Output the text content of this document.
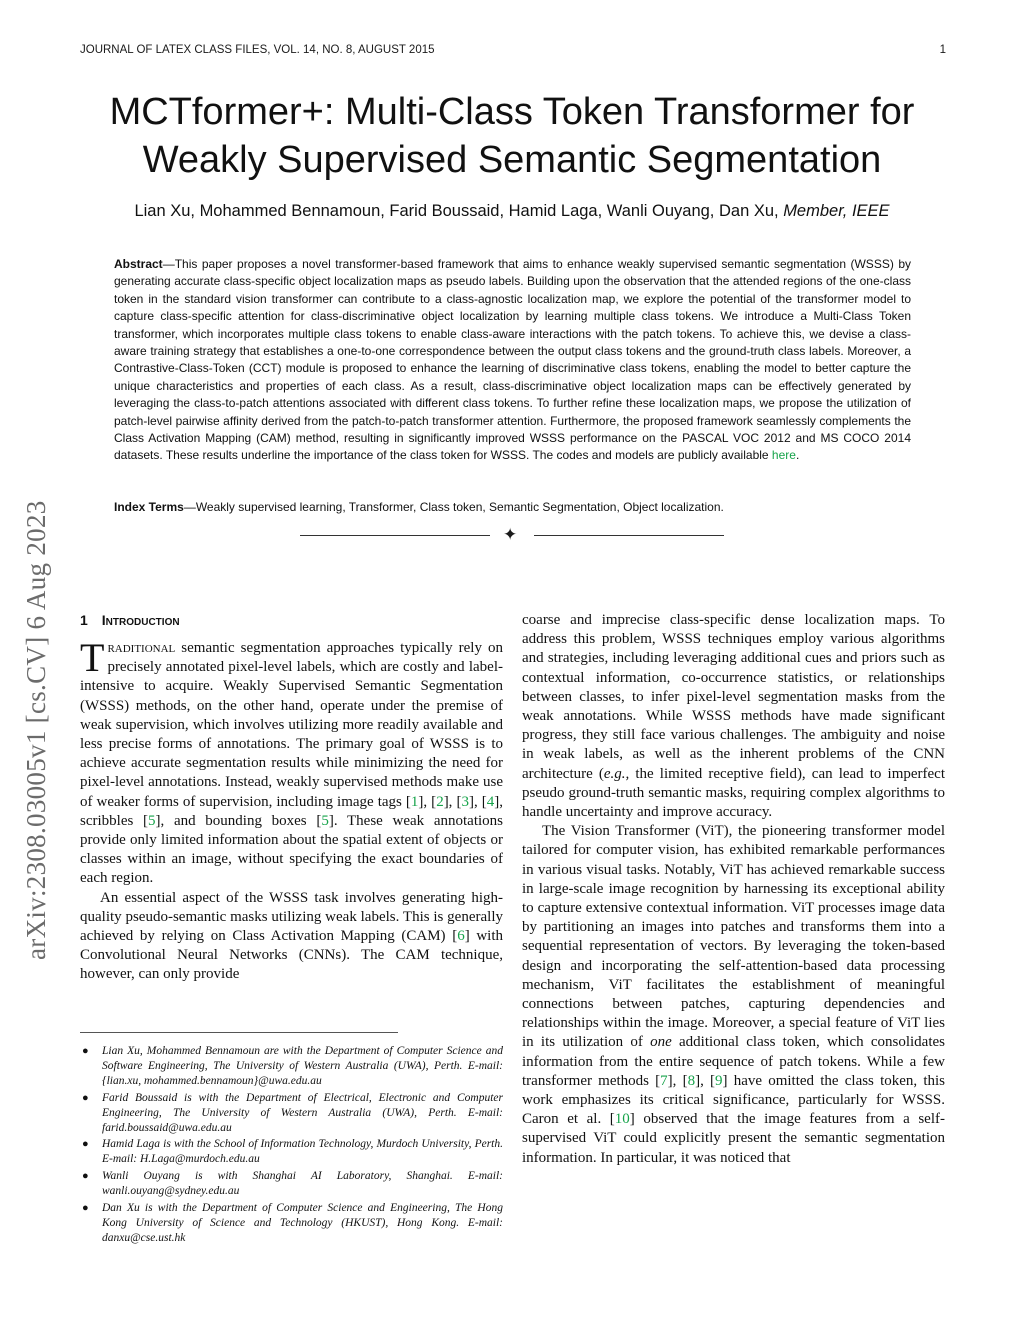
JOURNAL OF LATEX CLASS FILES, VOL. 14, NO. 8, AUGUST 2015	1
MCTformer+: Multi-Class Token Transformer for
Weakly Supervised Semantic Segmentation
Lian Xu, Mohammed Bennamoun, Farid Boussaid, Hamid Laga, Wanli Ouyang, Dan Xu, Member, IEEE
Abstract—This paper proposes a novel transformer-based framework that aims to enhance weakly supervised semantic segmentation (WSSS) by generating accurate class-specific object localization maps as pseudo labels. Building upon the observation that the attended regions of the one-class token in the standard vision transformer can contribute to a class-agnostic localization map, we explore the potential of the transformer model to capture class-specific attention for class-discriminative object localization by learning multiple class tokens. We introduce a Multi-Class Token transformer, which incorporates multiple class tokens to enable class-aware interactions with the patch tokens. To achieve this, we devise a class-aware training strategy that establishes a one-to-one correspondence between the output class tokens and the ground-truth class labels. Moreover, a Contrastive-Class-Token (CCT) module is proposed to enhance the learning of discriminative class tokens, enabling the model to better capture the unique characteristics and properties of each class. As a result, class-discriminative object localization maps can be effectively generated by leveraging the class-to-patch attentions associated with different class tokens. To further refine these localization maps, we propose the utilization of patch-level pairwise affinity derived from the patch-to-patch transformer attention. Furthermore, the proposed framework seamlessly complements the Class Activation Mapping (CAM) method, resulting in significantly improved WSSS performance on the PASCAL VOC 2012 and MS COCO 2014 datasets. These results underline the importance of the class token for WSSS. The codes and models are publicly available here.
Index Terms—Weakly supervised learning, Transformer, Class token, Semantic Segmentation, Object localization.
✦
arXiv:2308.03005v1 [cs.CV] 6 Aug 2023	1 Introduction

Traditional semantic segmentation approaches typically rely on precisely annotated pixel-level labels, which are costly and label-intensive to acquire. Weakly Supervised Semantic Segmentation (WSSS) methods, on the other hand, operate under the premise of weak supervision, which involves utilizing more readily available and less precise forms of annotations. The primary goal of WSSS is to achieve accurate segmentation results while minimizing the need for pixel-level annotations. Instead, weakly supervised methods make use of weaker forms of supervision, including image tags [1], [2], [3], [4], scribbles [5], and bounding boxes [5]. These weak annotations provide only limited information about the spatial extent of objects or classes within an image, without specifying the exact boundaries of each region.

An essential aspect of the WSSS task involves generating high-quality pseudo-semantic masks utilizing weak labels. This is generally achieved by relying on Class Activation Mapping (CAM) [6] with Convolutional Neural Networks (CNNs). The CAM technique, however, can only provide

● Lian Xu, Mohammed Bennamoun are with the Department of Computer Science and Software Engineering, The University of Western Australia (UWA), Perth. E-mail: {lian.xu, mohammed.bennamoun}@uwa.edu.au
● Farid Boussaid is with the Department of Electrical, Electronic and Computer Engineering, The University of Western Australia (UWA), Perth. E-mail: farid.boussaid@uwa.edu.au
● Hamid Laga is with the School of Information Technology, Murdoch University, Perth. E-mail: H.Laga@murdoch.edu.au
● Wanli Ouyang is with Shanghai AI Laboratory, Shanghai. E-mail: wanli.ouyang@sydney.edu.au
● Dan Xu is with the Department of Computer Science and Engineering, The Hong Kong University of Science and Technology (HKUST), Hong Kong. E-mail: danxu@cse.ust.hk

coarse and imprecise class-specific dense localization maps. To address this problem, WSSS techniques employ various algorithms and strategies, including leveraging additional cues and priors such as contextual information, co-occurrence statistics, or relationships between classes, to infer pixel-level segmentation masks from the weak annotations. While WSSS methods have made significant progress, they still face various challenges. The ambiguity and noise in weak labels, as well as the inherent problems of the CNN architecture (e.g., the limited receptive field), can lead to imperfect pseudo ground-truth semantic masks, requiring complex algorithms to handle uncertainty and improve accuracy.

The Vision Transformer (ViT), the pioneering transformer model tailored for computer vision, has exhibited remarkable performances in various visual tasks. Notably, ViT has achieved remarkable success in large-scale image recognition by harnessing its exceptional ability to capture extensive contextual information. ViT processes image data by partitioning an images into patches and transforms them into a sequential representation of vectors. By leveraging the token-based design and incorporating the self-attention-based data processing mechanism, ViT facilitates the establishment of meaningful connections between patches, capturing dependencies and relationships within the image. Moreover, a special feature of ViT lies in its utilization of one additional class token, which consolidates information from the entire sequence of patch tokens. While a few transformer methods [7], [8], [9] have omitted the class token, this work emphasizes its critical significance, particularly for WSSS. Caron et al. [10] observed that the image features from a self-supervised ViT could explicitly present the semantic segmentation information. In particular, it was noticed that
